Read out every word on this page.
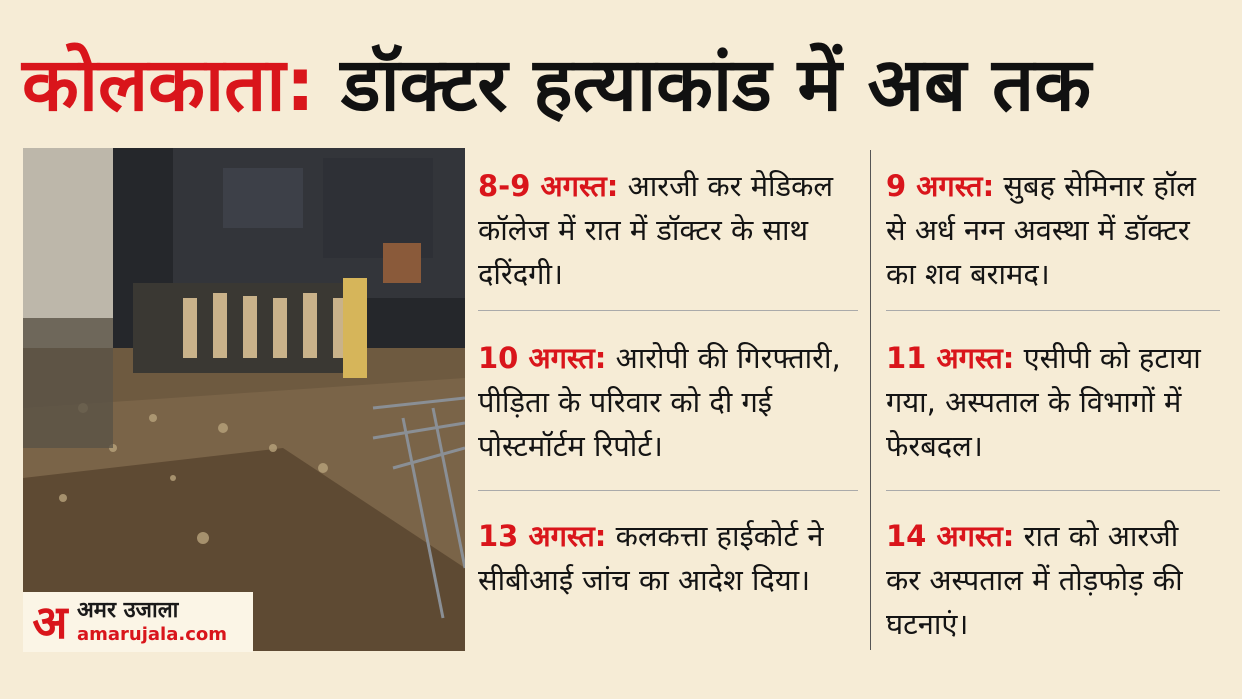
कोलकाता: डॉक्टर हत्याकांड में अब तक
अ अमर उजाला
amarujala.com
8-9 अगस्त: आरजी कर मेडिकल कॉलेज में रात में डॉक्टर के साथ दरिंदगी।
10 अगस्त: आरोपी की गिरफ्तारी, पीड़िता के परिवार को दी गई पोस्टमॉर्टम रिपोर्ट।
13 अगस्त: कलकत्ता हाईकोर्ट ने सीबीआई जांच का आदेश दिया।
9 अगस्त: सुबह सेमिनार हॉल से अर्ध नग्न अवस्था में डॉक्टर का शव बरामद।
11 अगस्त: एसीपी को हटाया गया, अस्पताल के विभागों में फेरबदल।
14 अगस्त: रात को आरजी कर अस्पताल में तोड़फोड़ की घटनाएं।
